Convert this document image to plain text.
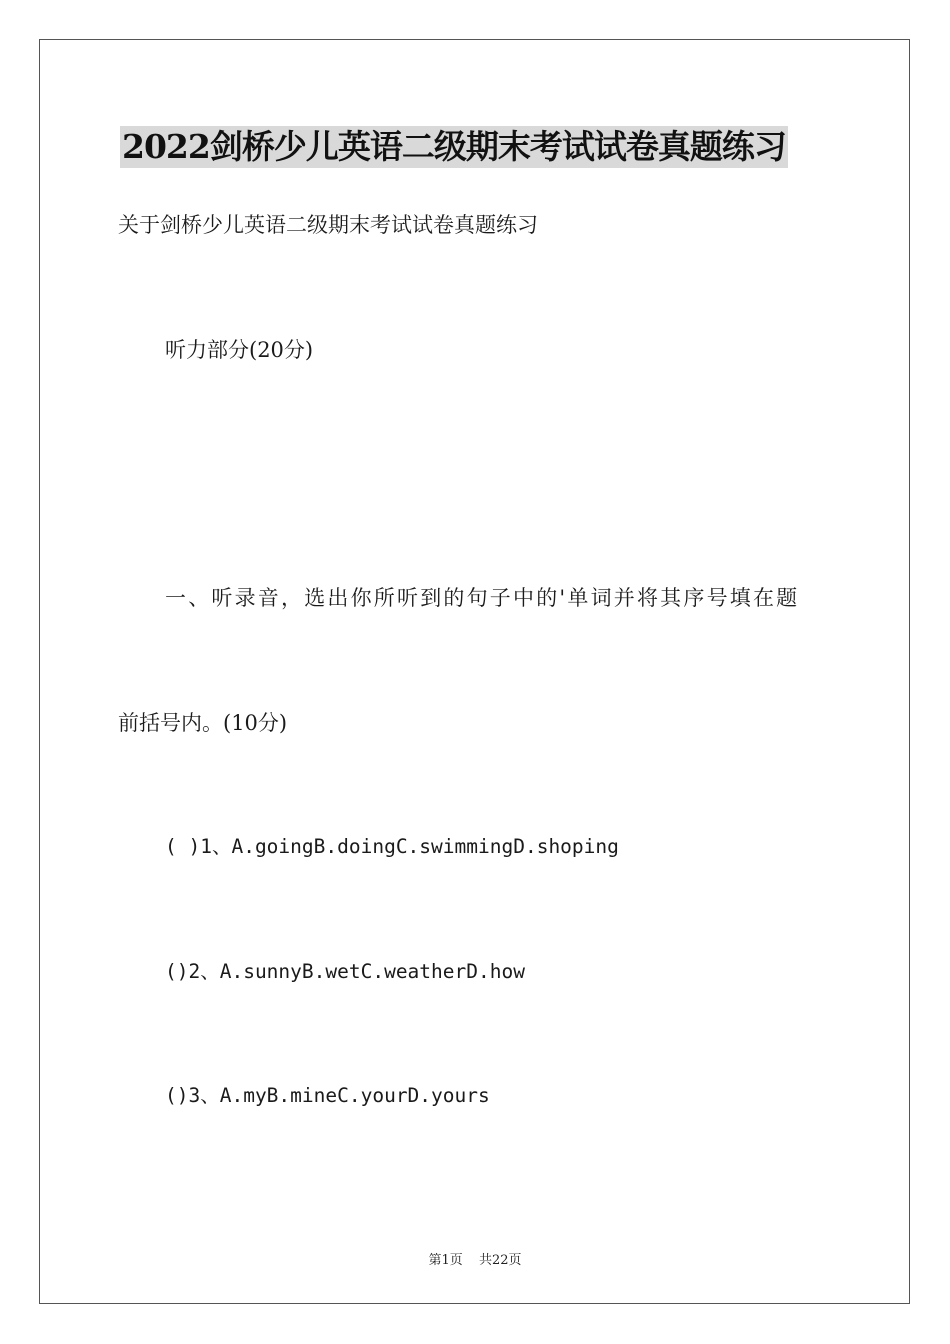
2022剑桥少儿英语二级期末考试试卷真题练习
关于剑桥少儿英语二级期末考试试卷真题练习
听力部分(20分)
一、听录音，选出你所听到的句子中的'单词并将其序号填在题
前括号内。(10分)
( )1、A.goingB.doingC.swimmingD.shoping
()2、A.sunnyB.wetC.weatherD.how
()3、A.myB.mineC.yourD.yours
第1页 共22页
